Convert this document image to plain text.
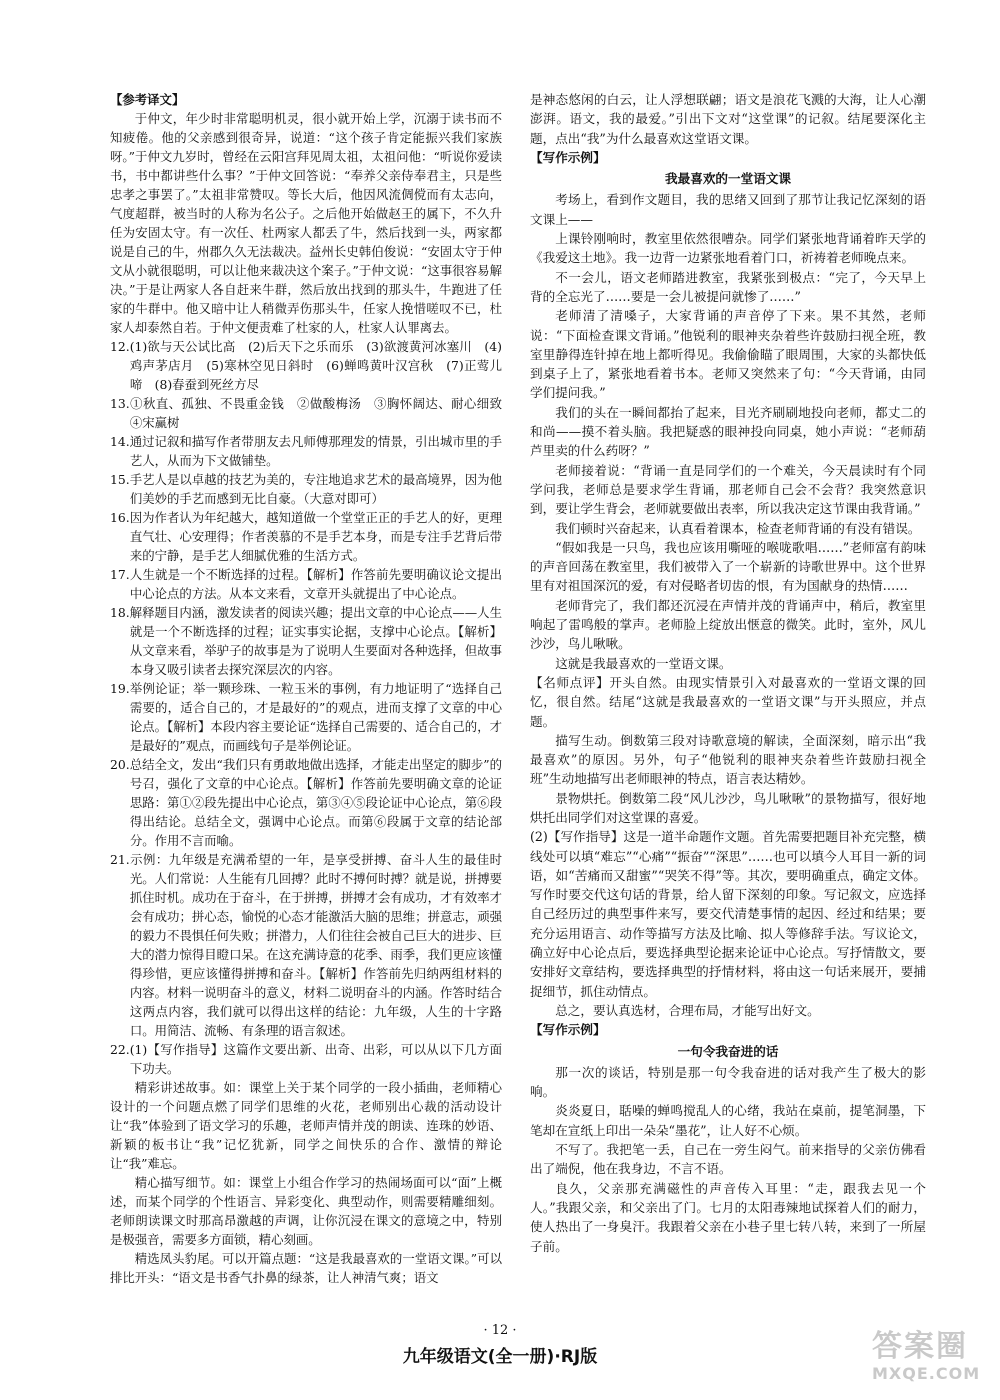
【参考译文】

于仲文，年少时非常聪明机灵，很小就开始上学，沉溺于读书而不知疲倦。他的父亲感到很奇异，说道：“这个孩子肯定能振兴我们家族呀。”于仲文九岁时，曾经在云阳宫拜见周太祖，太祖问他：“听说你爱读书，书中都讲些什么事？”于仲文回答说：“奉养父亲侍奉君主，只是些忠孝之事罢了。”太祖非常赞叹。等长大后，他因风流倜傥而有太志向，气度超群，被当时的人称为名公子。之后他开始做赵王的属下，不久升任为安固太守。有一次任、杜两家人都丢了牛，然后找到一头，两家都说是自己的牛，州郡久久无法裁决。益州长史韩伯俊说：“安固太守于仲文从小就很聪明，可以让他来裁决这个案子。”于仲文说：“这事很容易解决。”于是让两家人各自赶来牛群，然后放出找到的那头牛，牛跑进了任家的牛群中。他又暗中让人稍微弄伤那头牛，任家人挽惜嗟叹不已，杜家人却泰然自若。于仲文便责难了杜家的人，杜家人认罪离去。

12.(1)欲与天公试比高　(2)后天下之乐而乐　(3)欲渡黄河冰塞川　(4)鸡声茅店月　(5)寒林空见日斜时　(6)蝉鸣黄叶汉宫秋　(7)正莺儿啼　(8)春蚕到死丝方尽

13.①秋直、孤独、不畏重金钱　②做酸梅汤　③胸怀阔达、耐心细致　④宋赢树

14.通过记叙和描写作者带朋友去凡师傅那理发的情景，引出城市里的手艺人，从而为下文做铺垫。

15.手艺人是以卓越的技艺为美的，专注地追求艺术的最高境界，因为他们美妙的手艺而感到无比自豪。（大意对即可）

16.因为作者认为年纪越大，越知道做一个堂堂正正的手艺人的好，更理直气壮、心安理得；作者羡慕的不是手艺本身，而是专注手艺背后带来的宁静，是手艺人细腻优雅的生活方式。

17.人生就是一个不断选择的过程。【解析】作答前先要明确议论文提出中心论点的方法。从本文来看，文章开头就提出了中心论点。

18.解释题目内涵，激发读者的阅读兴趣；提出文章的中心论点——人生就是一个不断选择的过程；证实事实论据，支撑中心论点。【解析】从文章来看，举驴子的故事是为了说明人生要面对各种选择，但故事本身又吸引读者去探究深层次的内容。

19.举例论证；举一颗珍珠、一粒玉米的事例，有力地证明了“选择自己需要的，适合自己的，才是最好的”的观点，进而支撑了文章的中心论点。【解析】本段内容主要论证“选择自己需要的、适合自己的，才是最好的”观点，而画线句子是举例论证。

20.总结全文，发出“我们只有勇敢地做出选择，才能走出坚定的脚步”的号召，强化了文章的中心论点。【解析】作答前先要明确文章的论证思路：第①②段先提出中心论点，第③④⑤段论证中心论点，第⑥段得出结论。总结全文，强调中心论点。而第⑥段属于文章的结论部分。作用不言而喻。

21.示例：九年级是充满希望的一年，是享受拼搏、奋斗人生的最佳时光。人们常说：人生能有几回搏？此时不搏何时搏？就是说，拼搏要抓住时机。成功在于奋斗，在于拼搏，拼搏才会有成功，才有效率才会有成功；拼心态，愉悦的心态才能激活大脑的思维；拼意志，顽强的毅力不畏惧任何失败；拼潜力，人们往往会被自己巨大的进步、巨大的潜力惊得目瞪口呆。在这充满诗意的花季、雨季，我们更应该懂得珍惜，更应该懂得拼搏和奋斗。【解析】作答前先归纳两组材料的内容。材料一说明奋斗的意义，材料二说明奋斗的内涵。作答时结合这两点内容，我们就可以得出这样的结论：九年级，人生的十字路口。用简洁、流畅、有条理的语言叙述。

22.(1)【写作指导】这篇作文要出新、出奇、出彩，可以从以下几方面下功夫。

精彩讲述故事。如：课堂上关于某个同学的一段小插曲，老师精心设计的一个问题点燃了同学们思维的火花，老师别出心裁的活动设计让“我”体验到了语文学习的乐趣，老师声情并茂的朗读、连珠的妙语、新颖的板书让“我”记忆犹新，同学之间快乐的合作、激情的辩论让“我”难忘。

精心描写细节。如：课堂上小组合作学习的热闹场面可以“面”上概述，而某个同学的个性语言、异彩变化、典型动作，则需要精雕细刻。老师朗读课文时那高昂激越的声调，让你沉浸在课文的意境之中，特别是极强音，需要多方面锁，精心刻画。

精选凤头豹尾。可以开篇点题：“这是我最喜欢的一堂语文课。”可以排比开头：“语文是书香气扑鼻的绿茶，让人神清气爽；语文

是神态悠闲的白云，让人浮想联翩；语文是浪花飞溅的大海，让人心潮澎湃。语文，我的最爱。”引出下文对“这堂课”的记叙。结尾要深化主题，点出“我”为什么最喜欢这堂语文课。

【写作示例】

我最喜欢的一堂语文课

考场上，看到作文题目，我的思绪又回到了那节让我记忆深刻的语文课上——

上课铃刚响时，教室里依然很嘈杂。同学们紧张地背诵着昨天学的《我爱这土地》。我一边背一边紧张地看着门口，祈祷着老师晚点来。

不一会儿，语文老师踏进教室，我紧张到极点：“完了，今天早上背的全忘光了……要是一会儿被提问就惨了……”

老师清了清嗓子，大家背诵的声音停了下来。果不其然，老师说：“下面检查课文背诵。”他锐利的眼神夹杂着些许鼓励扫视全班，教室里静得连针掉在地上都听得见。我偷偷瞄了眼周围，大家的头都快低到桌子上了，紧张地看着书本。老师又突然来了句：“今天背诵，由同学们提问我。”

我们的头在一瞬间都抬了起来，目光齐刷刷地投向老师，都丈二的和尚——摸不着头脑。我把疑惑的眼神投向同桌，她小声说：“老师葫芦里卖的什么药呀？”

老师接着说：“背诵一直是同学们的一个难关，今天晨读时有个同学问我，老师总是要求学生背诵，那老师自己会不会背？我突然意识到，要让学生背会，老师就要做出表率，所以我决定这节课由我背诵。”

我们顿时兴奋起来，认真看着课本，检查老师背诵的有没有错误。

“假如我是一只鸟，我也应该用嘶哑的喉咙歌唱……”老师富有韵味的声音回荡在教室里，我们被带入了一个崭新的诗歌世界中。这个世界里有对祖国深沉的爱，有对侵略者切齿的恨，有为国献身的热情……

老师背完了，我们都还沉浸在声情并茂的背诵声中，稍后，教室里响起了雷鸣般的掌声。老师脸上绽放出惬意的微笑。此时，室外，风儿沙沙，鸟儿啾啾。

这就是我最喜欢的一堂语文课。

【名师点评】开头自然。由现实情景引入对最喜欢的一堂语文课的回忆，很自然。结尾“这就是我最喜欢的一堂语文课”与开头照应，并点题。

描写生动。倒数第三段对诗歌意境的解读，全面深刻，暗示出“我最喜欢”的原因。另外，句子“他锐利的眼神夹杂着些许鼓励扫视全班”生动地描写出老师眼神的特点，语言表达精妙。

景物烘托。倒数第二段“风儿沙沙，鸟儿啾啾”的景物描写，很好地烘托出同学们对这堂课的喜爱。

(2)【写作指导】这是一道半命题作文题。首先需要把题目补充完整，横线处可以填“难忘”“心痛”“振奋”“深思”……也可以填今人耳目一新的词语，如“苦痛而又甜蜜”“哭笑不得”等。其次，要明确重点，确定文体。写作时要交代这句话的背景，给人留下深刻的印象。写记叙文，应选择自己经历过的典型事件来写，要交代清楚事情的起因、经过和结果；要充分运用语言、动作等描写方法及比喻、拟人等修辞手法。写议论文，确立好中心论点后，要选择典型论据来论证中心论点。写抒情散文，要安排好文章结构，要选择典型的抒情材料，将由这一句话来展开，要捕捉细节，抓住动情点。

总之，要认真选材，合理布局，才能写出好文。

【写作示例】

一句令我奋进的话

那一次的谈话，特别是那一句令我奋进的话对我产生了极大的影响。

炎炎夏日，聒噪的蝉鸣搅乱人的心绪，我站在桌前，提笔洞墨，下笔却在宣纸上印出一朵朵“墨花”，让人好不心烦。

不写了。我把笔一丢，自己在一旁生闷气。前来指导的父亲仿佛看出了端倪，他在我身边，不言不语。

良久，父亲那充满磁性的声音传入耳里：“走，跟我去见一个人。”我跟父亲，和父亲出了门。七月的太阳毒辣地试探着人们的耐力，使人热出了一身臭汗。我跟着父亲在小巷子里七转八转，来到了一所屋子前。

· 12 ·
九年级语文(全一册)·RJ版	答案圈
MXQE.COM
